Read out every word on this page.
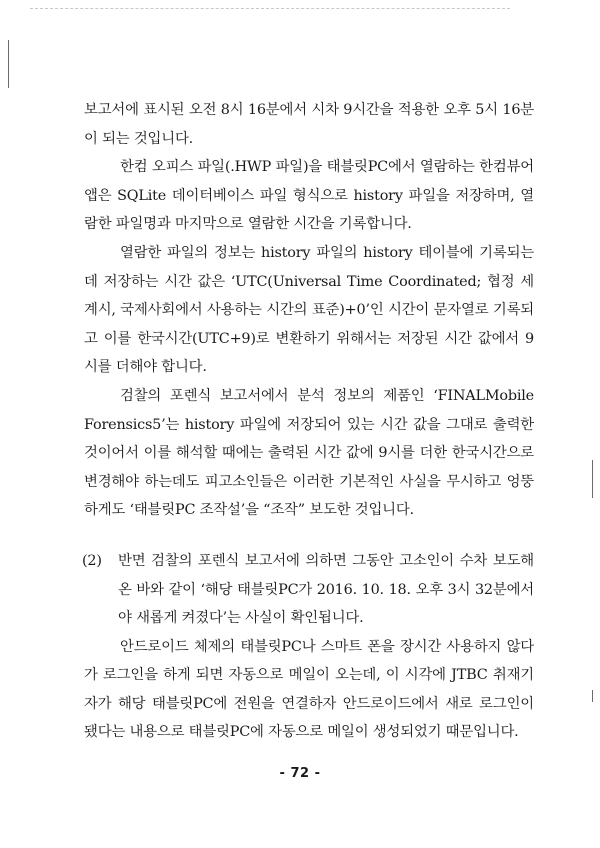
보고서에 표시된 오전 8시 16분에서 시차 9시간을 적용한 오후 5시 16분이 되는 것입니다.

한컴 오피스 파일(.HWP 파일)을 태블릿PC에서 열람하는 한컴뷰어 앱은 SQLite 데이터베이스 파일 형식으로 history 파일을 저장하며, 열람한 파일명과 마지막으로 열람한 시간을 기록합니다.

열람한 파일의 정보는 history 파일의 history 테이블에 기록되는데 저장하는 시간 값은 ‘UTC(Universal Time Coordinated; 협정 세계시, 국제사회에서 사용하는 시간의 표준)+0’인 시간이 문자열로 기록되고 이를 한국시간(UTC+9)로 변환하기 위해서는 저장된 시간 값에서 9시를 더해야 합니다.

검찰의 포렌식 보고서에서 분석 정보의 제품인 ‘FINALMobile Forensics5’는 history 파일에 저장되어 있는 시간 값을 그대로 출력한 것이어서 이를 해석할 때에는 출력된 시간 값에 9시를 더한 한국시간으로 변경해야 하는데도 피고소인들은 이러한 기본적인 사실을 무시하고 엉뚱하게도 ‘태블릿PC 조작설’을 “조작” 보도한 것입니다.

(2)	반면 검찰의 포렌식 보고서에 의하면 그동안 고소인이 수차 보도해 온 바와 같이 ‘해당 태블릿PC가 2016. 10. 18. 오후 3시 32분에서야 새롭게 켜졌다’는 사실이 확인됩니다.

안드로이드 체제의 태블릿PC나 스마트 폰을 장시간 사용하지 않다가 로그인을 하게 되면 자동으로 메일이 오는데, 이 시각에 JTBC 취재기자가 해당 태블릿PC에 전원을 연결하자 안드로이드에서 새로 로그인이 됐다는 내용으로 태블릿PC에 자동으로 메일이 생성되었기 때문입니다.

- 72 -
